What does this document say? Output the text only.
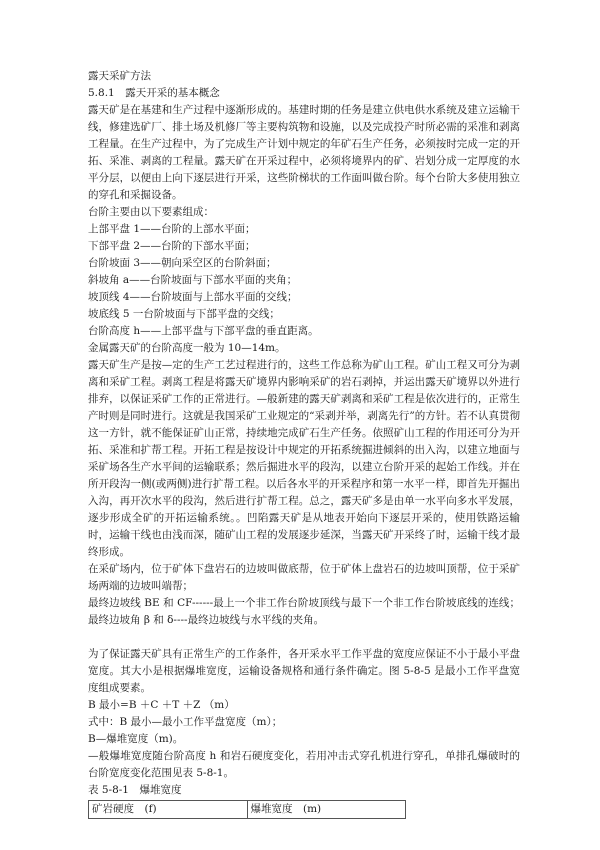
露天采矿方法

5.8.1　露天开采的基本概念

露天矿是在基建和生产过程中逐渐形成的。基建时期的任务是建立供电供水系统及建立运输干线，修建选矿厂、排土场及机修厂等主要构筑物和设施，以及完成投产时所必需的采准和剥离工程量。在生产过程中，为了完成生产计划中规定的年矿石生产任务，必须按时完成一定的开拓、采准、剥离的工程量。露天矿在开采过程中，必须将境界内的矿、岩划分成一定厚度的水平分层，以便由上向下逐层进行开采，这些阶梯状的工作面叫做台阶。每个台阶大多使用独立的穿孔和采掘设备。

台阶主要由以下要素组成：

上部平盘 1——台阶的上部水平面；

下部平盘 2——台阶的下部水平面；

台阶坡面 3——朝向采空区的台阶斜面；

斜坡角 a——台阶坡面与下部水平面的夹角；

坡顶线 4——台阶坡面与上部水平面的交线；

坡底线 5 一台阶坡面与下部平盘的交线；

台阶高度 h——上部平盘与下部平盘的垂直距离。

金属露天矿的台阶高度一般为 10—14m。

露天矿生产是按—定的生产工艺过程进行的，这些工作总称为矿山工程。矿山工程又可分为剥离和采矿工程。剥离工程是将露天矿境界内影响采矿的岩石剥掉，并运出露天矿境界以外进行排弃，以保证采矿工作的正常进行。—般新建的露天矿剥离和采矿工程是依次进行的，正常生产时则是同时进行。这就是我国采矿工业规定的“采剥并举，剥离先行”的方针。若不认真贯彻这一方针，就不能保证矿山正常，持续地完成矿石生产任务。依照矿山工程的作用还可分为开拓、采准和扩帮工程。开拓工程是按设计中规定的开拓系统掘进倾斜的出入沟，以建立地面与采矿场各生产水平间的运输联系；然后掘进水平的段沟，以建立台阶开采的起始工作线。并在所开段沟一侧(或两侧)进行扩帮工程。以后各水平的开采程序和第一水平一样，即首先开掘出入沟，再开次水平的段沟，然后进行扩帮工程。总之，露天矿多是由单一水平向多水平发展，逐步形成全矿的开拓运输系统。。凹陷露天矿是从地表开始向下逐层开采的，使用铁路运输时，运输干线也由浅而深，随矿山工程的发展逐步延深，当露天矿开采终了时，运输干线才最终形成。

在采矿场内，位于矿体下盘岩石的边坡叫做底帮，位于矿体上盘岩石的边坡叫顶帮，位于采矿场两端的边坡叫端帮；

最终边坡线 BE 和 CF------最上一个非工作台阶坡顶线与最下一个非工作台阶坡底线的连线；最终边坡角 β 和 δ----最终边坡线与水平线的夹角。

为了保证露天矿具有正常生产的工作条件，各开采水平工作平盘的宽度应保证不小于最小平盘宽度。其大小是根据爆堆宽度，运输设备规格和通行条件确定。图 5-8-5 是最小工作平盘宽度组成要素。

B 最小=B ＋C ＋T ＋Z （m）

式中：B 最小—最小工作平盘宽度（m）；

B—爆堆宽度（m)。

—般爆堆宽度随台阶高度 h 和岩石硬度变化，若用冲击式穿孔机进行穿孔，单排孔爆破时的台阶宽度变化范围见表 5-8-1。

表 5-8-1　爆堆宽度

矿岩硬度　(f)	爆堆宽度　(m)
